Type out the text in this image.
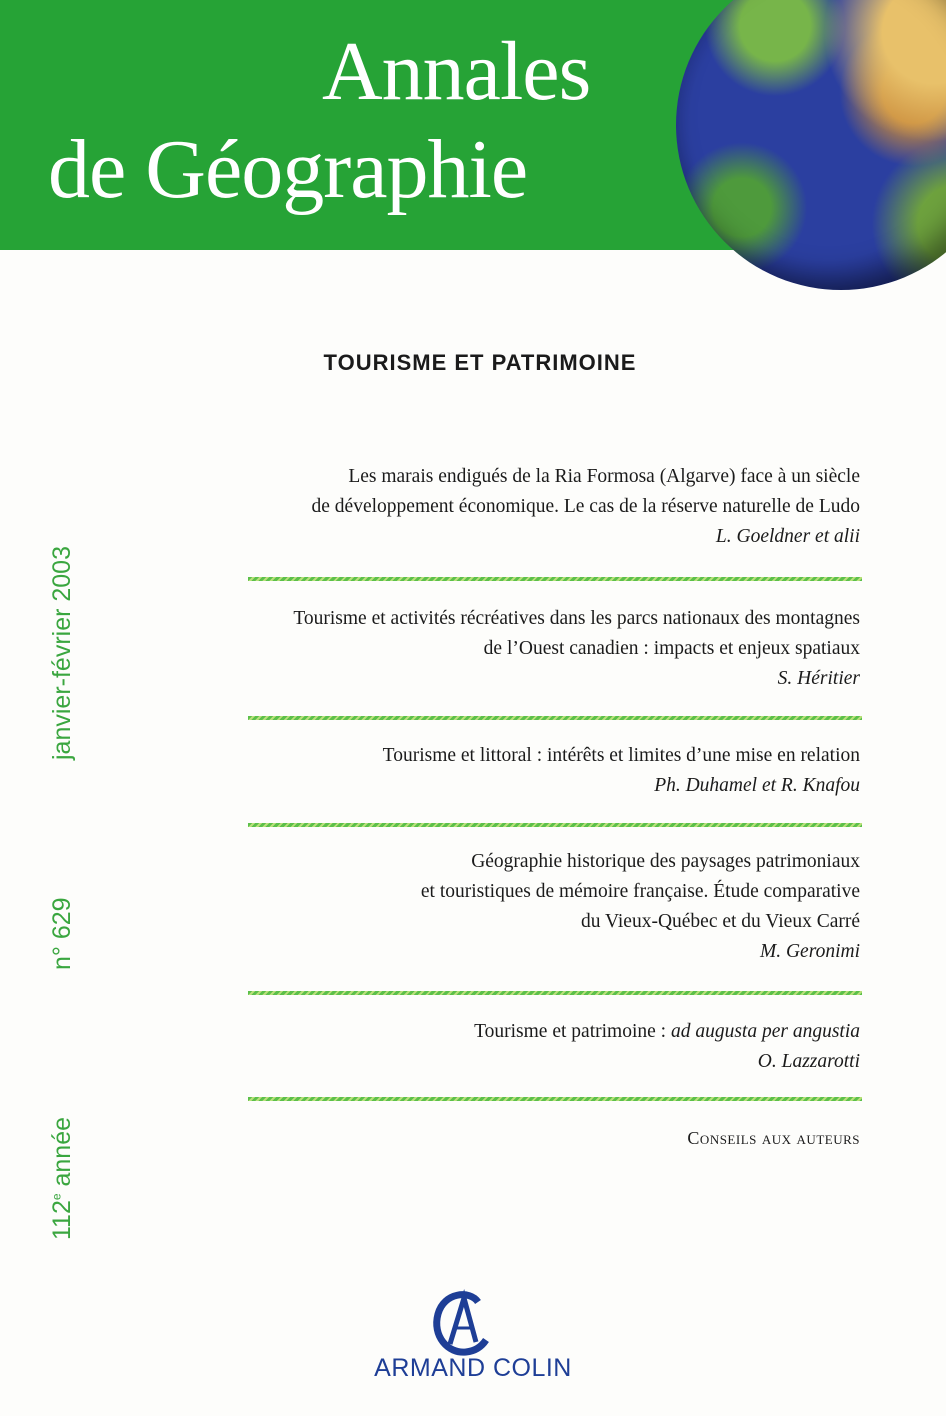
Annales
de Géographie
TOURISME ET PATRIMOINE
janvier-février 2003
n° 629
112e année
Les marais endigués de la Ria Formosa (Algarve) face à un siècle
de développement économique. Le cas de la réserve naturelle de Ludo
L. Goeldner et alii
Tourisme et activités récréatives dans les parcs nationaux des montagnes
de l’Ouest canadien : impacts et enjeux spatiaux
S. Héritier
Tourisme et littoral : intérêts et limites d’une mise en relation
Ph. Duhamel et R. Knafou
Géographie historique des paysages patrimoniaux
et touristiques de mémoire française. Étude comparative
du Vieux-Québec et du Vieux Carré
M. Geronimi
Tourisme et patrimoine : ad augusta per angustia
O. Lazzarotti
Conseils aux auteurs
ARMAND COLIN
